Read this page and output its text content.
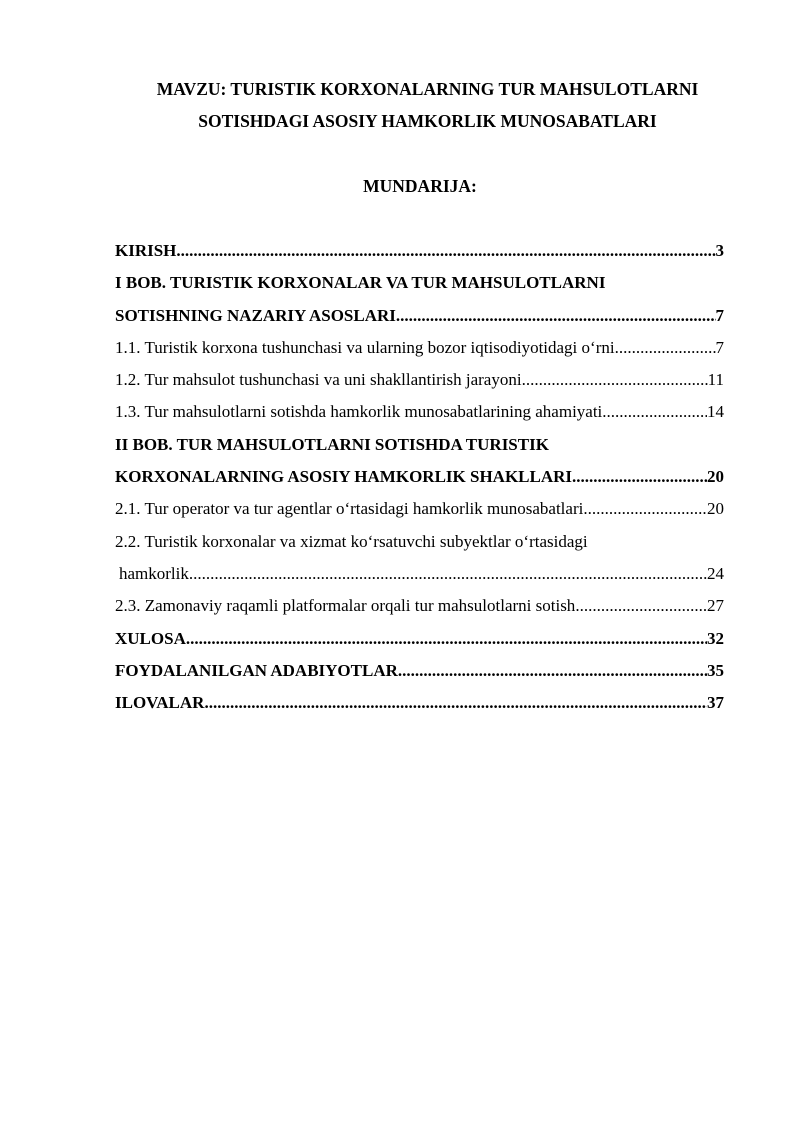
MAVZU: TURISTIK KORXONALARNING TUR MAHSULOTLARNI

SOTISHDAGI ASOSIY HAMKORLIK MUNOSABATLARI

MUNDARIJA:

KIRISH .....	3
I BOB. TURISTIK KORXONALAR VA TUR MAHSULOTLARNI
SOTISHNING NAZARIY ASOSLARI .....	7
1.1. Turistik korxona tushunchasi va ularning bozor iqtisodiyotidagi o‘rni .....	7
1.2. Tur mahsulot tushunchasi va uni shakllantirish jarayoni .....	11
1.3. Tur mahsulotlarni sotishda hamkorlik munosabatlarining ahamiyati .....	14
II BOB. TUR MAHSULOTLARNI SOTISHDA TURISTIK
KORXONALARNING ASOSIY HAMKORLIK SHAKLLARI .....	20
2.1. Tur operator va tur agentlar o‘rtasidagi hamkorlik munosabatlari .....	20
2.2. Turistik korxonalar va xizmat ko‘rsatuvchi subyektlar o‘rtasidagi
hamkorlik .....	24
2.3. Zamonaviy raqamli platformalar orqali tur mahsulotlarni sotish .....	27
XULOSA .....	32
FOYDALANILGAN ADABIYOTLAR .....	35
ILOVALAR .....	37
